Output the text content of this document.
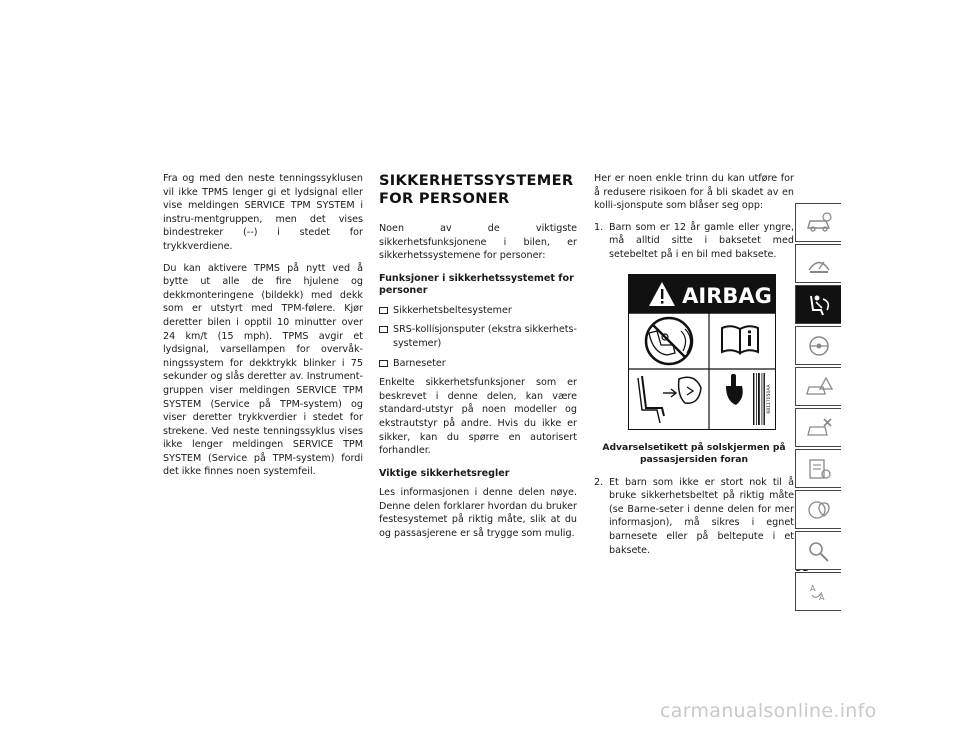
Fra og med den neste tenningssyklusen vil ikke TPMS lenger gi et lydsignal eller vise meldingen SERVICE TPM SYSTEM i instru-mentgruppen, men det vises bindestreker (--) i stedet for trykkverdiene.

Du kan aktivere TPMS på nytt ved å bytte ut alle de fire hjulene og dekkmonteringene (bildekk) med dekk som er utstyrt med TPM-følere. Kjør deretter bilen i opptil 10 minutter over 24 km/t (15 mph). TPMS avgir et lydsignal, varsellampen for overvåk-ningssystem for dekktrykk blinker i 75 sekunder og slås deretter av. Instrument-gruppen viser meldingen SERVICE TPM SYSTEM (Service på TPM-system) og viser deretter trykkverdier i stedet for strekene. Ved neste tenningssyklus vises ikke lenger meldingen SERVICE TPM SYSTEM (Service på TPM-system) fordi det ikke finnes noen systemfeil.

SIKKERHETSSYSTEMER
FOR PERSONER

Noen av de viktigste sikkerhetsfunksjonene i bilen, er sikkerhetssystemene for personer:

Funksjoner i sikkerhetssystemet for personer
Sikkerhetsbeltesystemer
SRS-kollisjonsputer (ekstra sikkerhets-systemer)
Barneseter

Enkelte sikkerhetsfunksjoner som er beskrevet i denne delen, kan være standard-utstyr på noen modeller og ekstrautstyr på andre. Hvis du ikke er sikker, kan du spørre en autorisert forhandler.

Viktige sikkerhetsregler

Les informasjonen i denne delen nøye. Denne delen forklarer hvordan du bruker festesystemet på riktig måte, slik at du og passasjerene er så trygge som mulig.

Her er noen enkle trinn du kan utføre for å redusere risikoen for å bli skadet av en kolli-sjonspute som blåser seg opp:

1. Barn som er 12 år gamle eller yngre, må alltid sitte i baksetet med setebeltet på i en bil med baksete.
AIRBAG
68117050AA
Advarselsetikett på solskjermen på
passasjersiden foran
2. Et barn som ikke er stort nok til å bruke sikkerhetsbeltet på riktig måte (se Barne-seter i denne delen for mer informasjon), må sikres i egnet barnesete eller på beltepute i et baksete.
A
A
carmanualsonline.info
